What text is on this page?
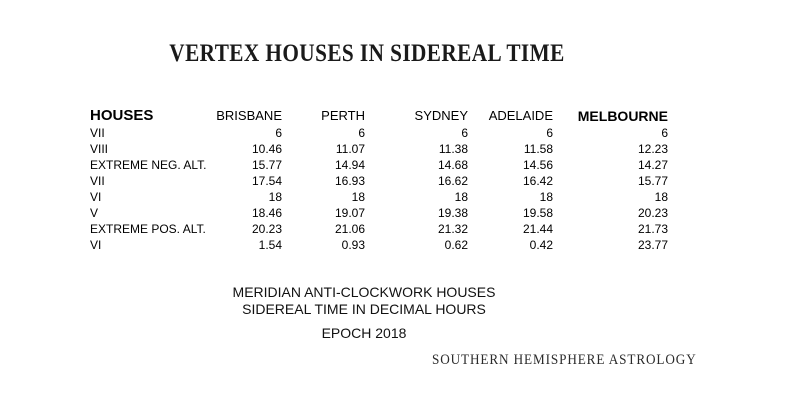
VERTEX HOUSES IN SIDEREAL TIME
HOUSES	BRISBANE	PERTH	SYDNEY	ADELAIDE	MELBOURNE
VII	6	6	6	6	6
VIII	10.46	11.07	11.38	11.58	12.23
EXTREME NEG. ALT.	15.77	14.94	14.68	14.56	14.27
VII	17.54	16.93	16.62	16.42	15.77
VI	18	18	18	18	18
V	18.46	19.07	19.38	19.58	20.23
EXTREME POS. ALT.	20.23	21.06	21.32	21.44	21.73
VI	1.54	0.93	0.62	0.42	23.77
MERIDIAN ANTI-CLOCKWORK HOUSES
SIDEREAL TIME IN DECIMAL HOURS
EPOCH 2018
SOUTHERN HEMISPHERE ASTROLOGY
